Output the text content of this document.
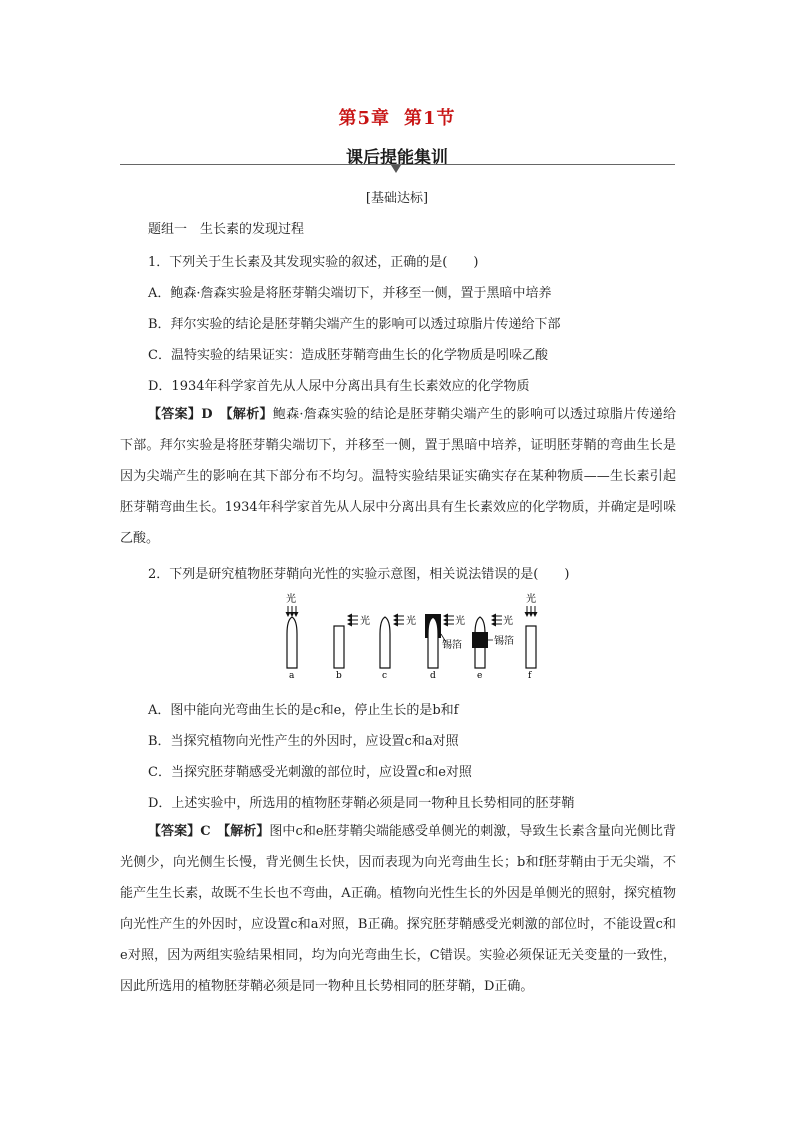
第5章 第1节
课后提能集训
[基础达标]
题组一　生长素的发现过程
1．下列关于生长素及其发现实验的叙述，正确的是(　　)
A．鲍森·詹森实验是将胚芽鞘尖端切下，并移至一侧，置于黑暗中培养
B．拜尔实验的结论是胚芽鞘尖端产生的影响可以透过琼脂片传递给下部
C．温特实验的结果证实：造成胚芽鞘弯曲生长的化学物质是吲哚乙酸
D．1934年科学家首先从人尿中分离出具有生长素效应的化学物质
【答案】D　【解析】鲍森·詹森实验的结论是胚芽鞘尖端产生的影响可以透过琼脂片传递给下部。拜尔实验是将胚芽鞘尖端切下，并移至一侧，置于黑暗中培养，证明胚芽鞘的弯曲生长是因为尖端产生的影响在其下部分布不均匀。温特实验结果证实确实存在某种物质——生长素引起胚芽鞘弯曲生长。1934年科学家首先从人尿中分离出具有生长素效应的化学物质，并确定是吲哚乙酸。
2．下列是研究植物胚芽鞘向光性的实验示意图，相关说法错误的是(　　)
光
a
光
b
光
c
光
锡箔
d
光
锡箔
e
光
f
A．图中能向光弯曲生长的是c和e，停止生长的是b和f
B．当探究植物向光性产生的外因时，应设置c和a对照
C．当探究胚芽鞘感受光刺激的部位时，应设置c和e对照
D．上述实验中，所选用的植物胚芽鞘必须是同一物种且长势相同的胚芽鞘
【答案】C　【解析】图中c和e胚芽鞘尖端能感受单侧光的刺激，导致生长素含量向光侧比背光侧少，向光侧生长慢，背光侧生长快，因而表现为向光弯曲生长；b和f胚芽鞘由于无尖端，不能产生生长素，故既不生长也不弯曲，A正确。植物向光性生长的外因是单侧光的照射，探究植物向光性产生的外因时，应设置c和a对照，B正确。探究胚芽鞘感受光刺激的部位时，不能设置c和e对照，因为两组实验结果相同，均为向光弯曲生长，C错误。实验必须保证无关变量的一致性，因此所选用的植物胚芽鞘必须是同一物种且长势相同的胚芽鞘，D正确。
